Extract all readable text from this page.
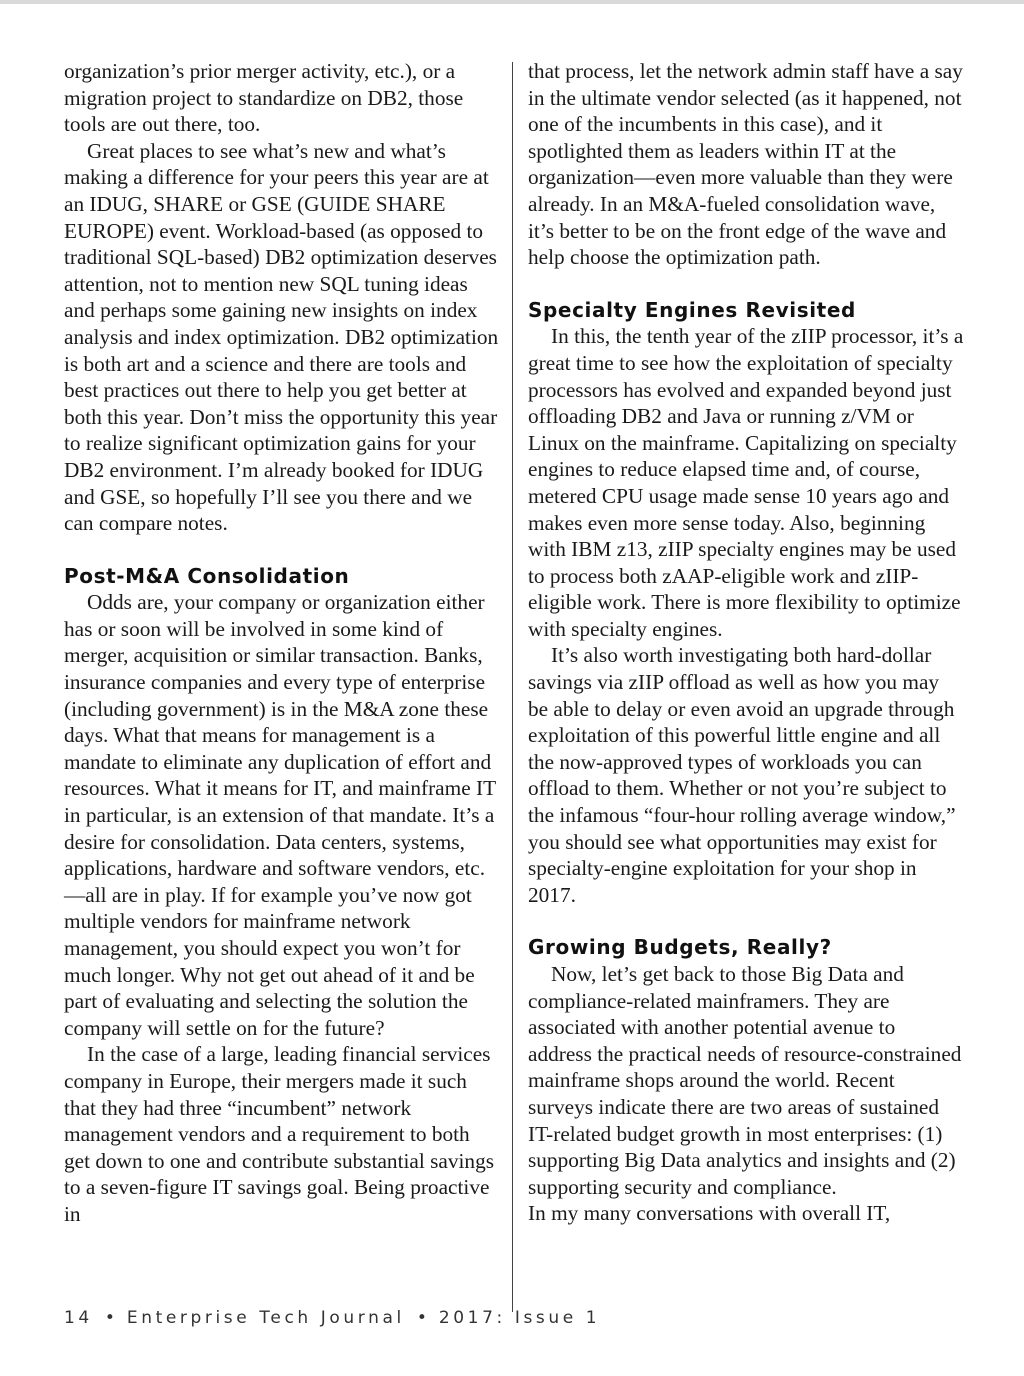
organization’s prior merger activity, etc.), or a migration project to standardize on DB2, those tools are out there, too.

Great places to see what’s new and what’s making a difference for your peers this year are at an IDUG, SHARE or GSE (GUIDE SHARE EUROPE) event. Workload-based (as opposed to traditional SQL-based) DB2 optimization deserves attention, not to mention new SQL tuning ideas and perhaps some gaining new insights on index analysis and index optimization. DB2 optimization is both art and a science and there are tools and best practices out there to help you get better at both this year. Don’t miss the opportunity this year to realize significant optimization gains for your DB2 environment. I’m already booked for IDUG and GSE, so hopefully I’ll see you there and we can compare notes.

Post-M&A Consolidation

Odds are, your company or organization either has or soon will be involved in some kind of merger, acquisition or similar transaction. Banks, insurance companies and every type of enterprise (including government) is in the M&A zone these days. What that means for management is a mandate to eliminate any duplication of effort and resources. What it means for IT, and mainframe IT in particular, is an extension of that mandate. It’s a desire for consolidation. Data centers, systems, applications, hardware and software vendors, etc.—all are in play. If for example you’ve now got multiple vendors for mainframe network management, you should expect you won’t for much longer. Why not get out ahead of it and be part of evaluating and selecting the solution the company will settle on for the future?

In the case of a large, leading financial services company in Europe, their mergers made it such that they had three “incumbent” network management vendors and a requirement to both get down to one and contribute substantial savings to a seven-figure IT savings goal. Being proactive in

that process, let the network admin staff have a say in the ultimate vendor selected (as it happened, not one of the incumbents in this case), and it spotlighted them as leaders within IT at the organization—even more valuable than they were already. In an M&A-fueled consolidation wave, it’s better to be on the front edge of the wave and help choose the optimization path.

Specialty Engines Revisited

In this, the tenth year of the zIIP processor, it’s a great time to see how the exploitation of specialty processors has evolved and expanded beyond just offloading DB2 and Java or running z/VM or Linux on the mainframe. Capitalizing on specialty engines to reduce elapsed time and, of course, metered CPU usage made sense 10 years ago and makes even more sense today. Also, beginning with IBM z13, zIIP specialty engines may be used to process both zAAP-eligible work and zIIP-eligible work. There is more flexibility to optimize with specialty engines.

It’s also worth investigating both hard-dollar savings via zIIP offload as well as how you may be able to delay or even avoid an upgrade through exploitation of this powerful little engine and all the now-approved types of workloads you can offload to them. Whether or not you’re subject to the infamous “four-hour rolling average window,” you should see what opportunities may exist for specialty-engine exploitation for your shop in 2017.

Growing Budgets, Really?

Now, let’s get back to those Big Data and compliance-related mainframers. They are associated with another potential avenue to address the practical needs of resource-constrained mainframe shops around the world. Recent surveys indicate there are two areas of sustained IT-related budget growth in most enterprises: (1) supporting Big Data analytics and insights and (2) supporting security and compliance.

In my many conversations with overall IT,

14 • Enterprise Tech Journal • 2017: Issue 1
